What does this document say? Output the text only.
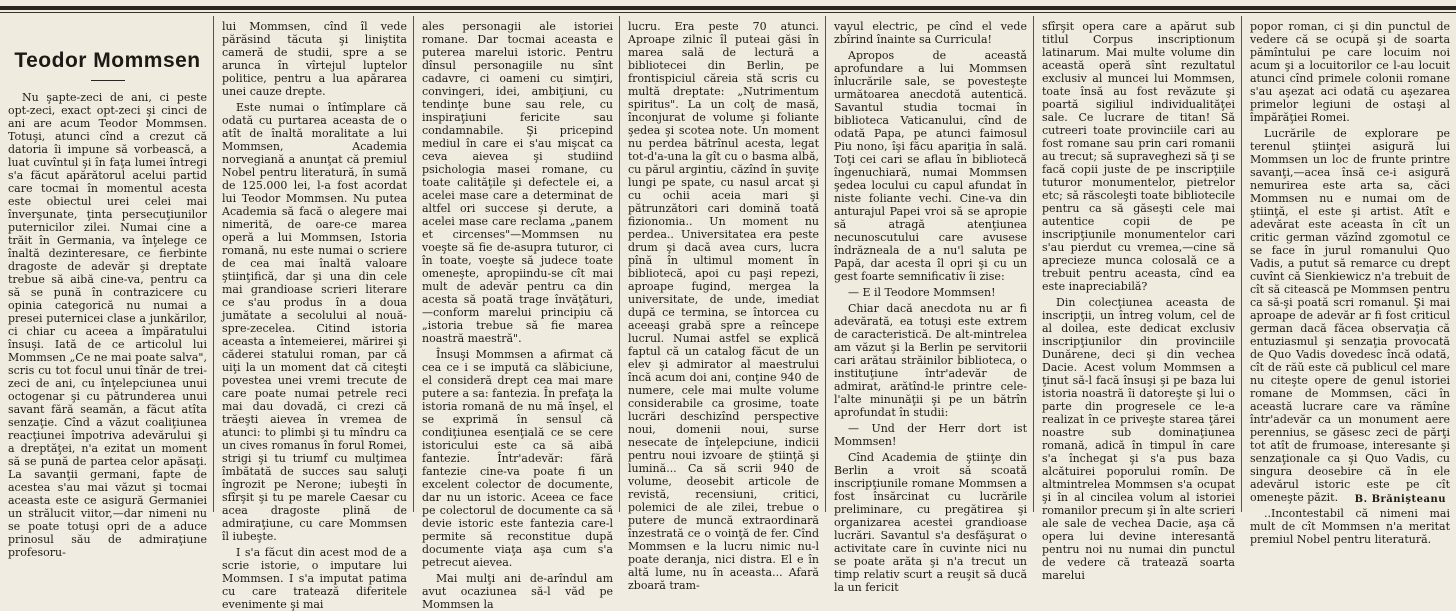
Teodor Mommsen

Nu şapte-zeci de ani, ci peste opt-zeci, exact opt-zeci şi cinci de ani are acum Teodor Mommsen. Totuşi, atunci cînd a crezut că datoria îi impune să vorbească, a luat cuvîntul şi în faţa lumei întregi s'a făcut apărătorul acelui partid care tocmai în momentul acesta este obiectul urei celei mai înverşunate, ţinta persecuţiunilor puternicilor zilei. Numai cine a trăit în Germania, va înţelege ce înaltă dezinteresare, ce fierbinte dragoste de adevăr şi dreptate trebue să aibă cine-va, pentru ca să se pună în contrazicere cu opinia categorică nu numai a presei puternicei clase a junkărilor, ci chiar cu aceea a împăratului însuşi. Iată de ce articolul lui Mommsen „Ce ne mai poate salva", scris cu tot focul unui tînăr de trei-zeci de ani, cu înţelepciunea unui octogenar şi cu pătrunderea unui savant fără seamăn, a făcut atîta senzaţie. Cînd a văzut coaliţiunea reacţiunei împotriva adevărului şi a dreptăţei, n'a ezitat un moment să se pună de partea celor apăsaţi. La savanţii germani, fapte de acestea s'au mai văzut şi tocmai aceasta este ce asigură Germaniei un strălucit viitor,—dar nimeni nu se poate totuşi opri de a aduce prinosul său de admiraţiune profesoru-

lui Mommsen, cînd îl vede părăsind tăcuta şi liniştita cameră de studii, spre a se arunca în vîrtejul luptelor politice, pentru a lua apărarea unei cauze drepte.

Este numai o întîmplare că odată cu purtarea aceasta de o atît de înaltă moralitate a lui Mommsen, Academia norvegiană a anunţat că premiul Nobel pentru literatură, în sumă de 125.000 lei, l-a fost acordat lui Teodor Mommsen. Nu putea Academia să facă o alegere mai nimerită, de oare-ce marea operă a lui Mommsen, Istoria romană, nu este numai o scriere de cea mai înaltă valoare ştiinţifică, dar şi una din cele mai grandioase scrieri literare ce s'au produs în a doua jumătate a secolului al nouă-spre-zecelea. Citind istoria aceasta a întemeierei, mărirei şi căderei statului roman, par că uiţi la un moment dat că citeşti povestea unei vremi trecute de care poate numai petrele reci mai dau dovadă, ci crezi că trăeşti aievea în vremea de atunci: to plimbi şi tu mîndru ca un cives romanus în forul Romei, strigi şi tu triumf cu mulţimea îmbătată de succes sau saluţi îngrozit pe Nerone; iubeşti în sfîrşit şi tu pe marele Caesar cu acea dragoste plină de admiraţiune, cu care Mommsen îl iubeşte.

I s'a făcut din acest mod de a scrie istorie, o imputare lui Mommsen. I s'a imputat patima cu care tratează diferitele evenimente şi mai

ales personagii ale istoriei romane. Dar tocmai aceasta e puterea marelui istoric. Pentru dînsul personagiile nu sînt cadavre, ci oameni cu simţiri, convingeri, idei, ambiţiuni, cu tendinţe bune sau rele, cu inspiraţiuni fericite sau condamnabile. Şi pricepind mediul în care ei s'au mişcat ca ceva aievea şi studiind psichologia masei romane, cu toate calităţile şi defectele ei, a acelei mase care a determinat de altfel ori succese şi derute, a acelei mase care reclama „panem et circenses"—Mommsen nu voeşte să fie de-asupra tuturor, ci în toate, voeşte să judece toate omeneşte, apropiindu-se cît mai mult de adevăr pentru ca din acesta să poată trage învăţături,—conform marelui principiu că „istoria trebue să fie marea noastră maestră".

Însuşi Mommsen a afirmat că cea ce i se impută ca slăbiciune, el consideră drept cea mai mare putere a sa: fantezia. În prefaţa la istoria romană de nu mă înşel, el se exprimă în sensul că condiţiunea esenţială ce se cere istoricului este ca să aibă fantezie. Într'adevăr: fără fantezie cine-va poate fi un excelent colector de documente, dar nu un istoric. Aceea ce face pe colectorul de documente ca să devie istoric este fantezia care-l permite să reconstitue după documente viaţa aşa cum s'a petrecut aievea.

Mai mulţi ani de-arîndul am avut ocaziunea să-l văd pe Mommsen la

lucru. Era peste 70 atunci. Aproape zilnic îl puteai găsi în marea sală de lectură a bibliotecei din Berlin, pe frontispiciul căreia stă scris cu multă dreptate: „Nutrimentum spiritus". La un colţ de masă, înconjurat de volume şi foliante şedea şi scotea note. Un moment nu perdea bătrînul acesta, legat tot-d'a-una la gît cu o basma albă, cu părul argintiu, căzînd în şuviţe lungi pe spate, cu nasul arcat şi cu ochii aceia mari şi pătrunzători cari domină toată fizionomia.. Un moment nu perdea.. Universitatea era peste drum şi dacă avea curs, lucra pînă în ultimul moment în bibliotecă, apoi cu paşi repezi, aproape fugind, mergea la universitate, de unde, imediat după ce termina, se întorcea cu aceeaşi grabă spre a reîncepe lucrul. Numai astfel se explică faptul că un catalog făcut de un elev şi admirator al maestrului încă acum doi ani, conţine 940 de numere, cele mai multe volume considerabile ca grosime, toate lucrări deschizînd perspective noui, domenii noui, surse nesecate de înţelepciune, indicii pentru noui izvoare de ştiinţă şi lumină... Ca să scrii 940 de volume, deosebit articole de revistă, recensiuni, critici, polemici de ale zilei, trebue o putere de muncă extraordinară înzestrată ce o voinţă de fer. Cînd Mommsen e la lucru nimic nu-l poate deranja, nici distra. El e în altă lume, nu în aceasta... Afară zboară tram-

vayul electric, pe cînd el vede zbîrind înainte sa Curricula!

Apropos de aceastǎ aprofundare a lui Mommsen înlucrările sale, se povesteşte următoarea anecdotă autentică. Savantul studia tocmai în biblioteca Vaticanului, cînd de odată Papa, pe atunci faimosul Piu nono, îşi făcu apariţia în sală. Toţi cei cari se aflau în bibliotecă îngenuchiară, numai Mommsen şedea locului cu capul afundat în niste foliante vechi. Cine-va din anturajul Papei vroi să se apropie să atragă atenţiunea necunoscutului care avusese îndrăzneala de a nu'l saluta pe Papă, dar acesta îl opri şi cu un gest foarte semnificativ îi zise:

— E il Teodore Mommsen!

Chiar dacă anecdota nu ar fi adevărată, ea totuşi este extrem de caracteristică. De alt-mintrelea am văzut şi la Berlin pe servitorii cari arătau străinilor biblioteca, o instituţiune într'adevăr de admirat, arătînd-le printre cele-l'alte minunăţii şi pe un bătrîn aprofundat în studii:

— Und der Herr dort ist Mommsen!

Cînd Academia de ştiinţe din Berlin a vroit să scoată inscripţiunile romane Mommsen a fost însărcinat cu lucrările preliminare, cu pregătirea şi organizarea acestei grandioase lucrări. Savantul s'a desfăşurat o activitate care în cuvinte nici nu se poate arăta şi n'a trecut un timp relativ scurt a reuşit să ducă la un fericit

sfîrşit opera care a apărut sub titlul Corpus inscriptionum latinarum. Mai multe volume din această operă sînt rezultatul exclusiv al muncei lui Mommsen, toate însă au fost revăzute şi poartă sigiliul individualităţei sale. Ce lucrare de titan! Să cutreeri toate provinciile cari au fost romane sau prin cari romanii au trecut; să supraveghezi să ţi se facă copii juste de pe inscripţiile tuturor monumentelor, pietrelor etc; să răscoleşti toate bibliotecile pentru ca să găseşti cele mai autentice copii de pe inscripţiunile monumentelor cari s'au pierdut cu vremea,—cine să aprecieze munca colosală ce a trebuit pentru aceasta, cînd ea este inapreciabilă?

Din colecţiunea aceasta de inscripţii, un întreg volum, cel de al doilea, este dedicat exclusiv inscripţiunilor din provinciile Dunărene, deci şi din vechea Dacie. Acest volum Mommsen a ţinut să-l facă însuşi şi pe baza lui istoria noastră îi datoreşte şi lui o parte din progresele ce le-a realizat în ce priveşte starea ţărei noastre sub dominaţiunea romană, adică în timpul în care s'a închegat şi s'a pus baza alcătuirei poporului romîn. De altmintrelea Mommsen s'a ocupat şi în al cincilea volum al istoriei romanilor precum şi în alte scrieri ale sale de vechea Dacie, aşa că opera lui devine interesantă pentru noi nu numai din punctul de vedere că tratează soarta marelui

popor roman, ci şi din punctul de vedere că se ocupă şi de soarta pămîntului pe care locuim noi acum şi a locuitorilor ce l-au locuit atunci cînd primele colonii romane s'au aşezat aci odată cu aşezarea primelor legiuni de ostaşi al împărăţiei Romei.

Lucrările de explorare pe terenul ştiinţei asigură lui Mommsen un loc de frunte printre savanţi,—acea însă ce-i asigură nemurirea este arta sa, căci Mommsen nu e numai om de ştiinţă, el este şi artist. Atît e adevărat este aceasta în cît un critic german văzînd zgomotul ce se face în jurul romanului Quo Vadis, a putut să remarce cu drept cuvînt că Sienkiewicz n'a trebuit de cît să citească pe Mommsen pentru ca să-şi poată scri romanul. Şi mai aproape de adevăr ar fi fost criticul german dacă făcea observaţia că entuziasmul şi senzaţia provocată de Quo Vadis dovedesc încă odată, cît de răŭ este că publicul cel mare nu citeşte opere de genul istoriei romane de Mommsen, căci în această lucrare care va rămîne într'adevăr ca un monument aere perennius, se găsesc zeci de părţi tot atît de frumoase, interesante şi senzaţionale ca şi Quo Vadis, cu singura deosebire că în ele adevărul istoric este pe cît omeneşte păzit.

..Incontestabil că nimeni mai mult de cît Mommsen n'a meritat premiul Nobel pentru literatură.

B. Brănişteanu
